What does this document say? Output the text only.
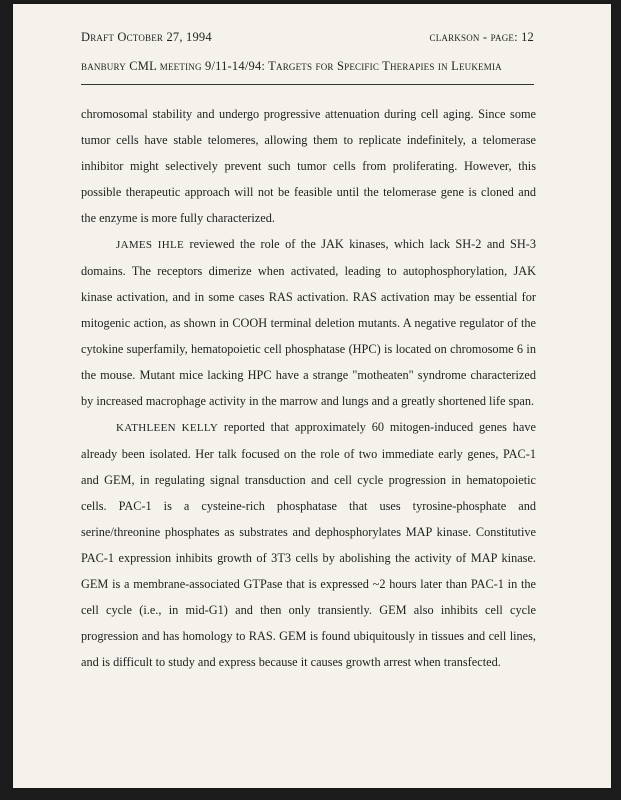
Draft October 27, 1994	clarkson - page: 12
banbury CML meeting 9/11-14/94: Targets for Specific Therapies in Leukemia

chromosomal stability and undergo progressive attenuation during cell aging. Since some tumor cells have stable telomeres, allowing them to replicate indefinitely, a telomerase inhibitor might selectively prevent such tumor cells from proliferating. However, this possible therapeutic approach will not be feasible until the telomerase gene is cloned and the enzyme is more fully characterized.

JAMES IHLE reviewed the role of the JAK kinases, which lack SH-2 and SH-3 domains. The receptors dimerize when activated, leading to autophosphorylation, JAK kinase activation, and in some cases RAS activation. RAS activation may be essential for mitogenic action, as shown in COOH terminal deletion mutants. A negative regulator of the cytokine superfamily, hematopoietic cell phosphatase (HPC) is located on chromosome 6 in the mouse. Mutant mice lacking HPC have a strange "motheaten" syndrome characterized by increased macrophage activity in the marrow and lungs and a greatly shortened life span.

KATHLEEN KELLY reported that approximately 60 mitogen-induced genes have already been isolated. Her talk focused on the role of two immediate early genes, PAC-1 and GEM, in regulating signal transduction and cell cycle progression in hematopoietic cells. PAC-1 is a cysteine-rich phosphatase that uses tyrosine-phosphate and serine/threonine phosphates as substrates and dephosphorylates MAP kinase. Constitutive PAC-1 expression inhibits growth of 3T3 cells by abolishing the activity of MAP kinase. GEM is a membrane-associated GTPase that is expressed ~2 hours later than PAC-1 in the cell cycle (i.e., in mid-G1) and then only transiently. GEM also inhibits cell cycle progression and has homology to RAS. GEM is found ubiquitously in tissues and cell lines, and is difficult to study and express because it causes growth arrest when transfected.
